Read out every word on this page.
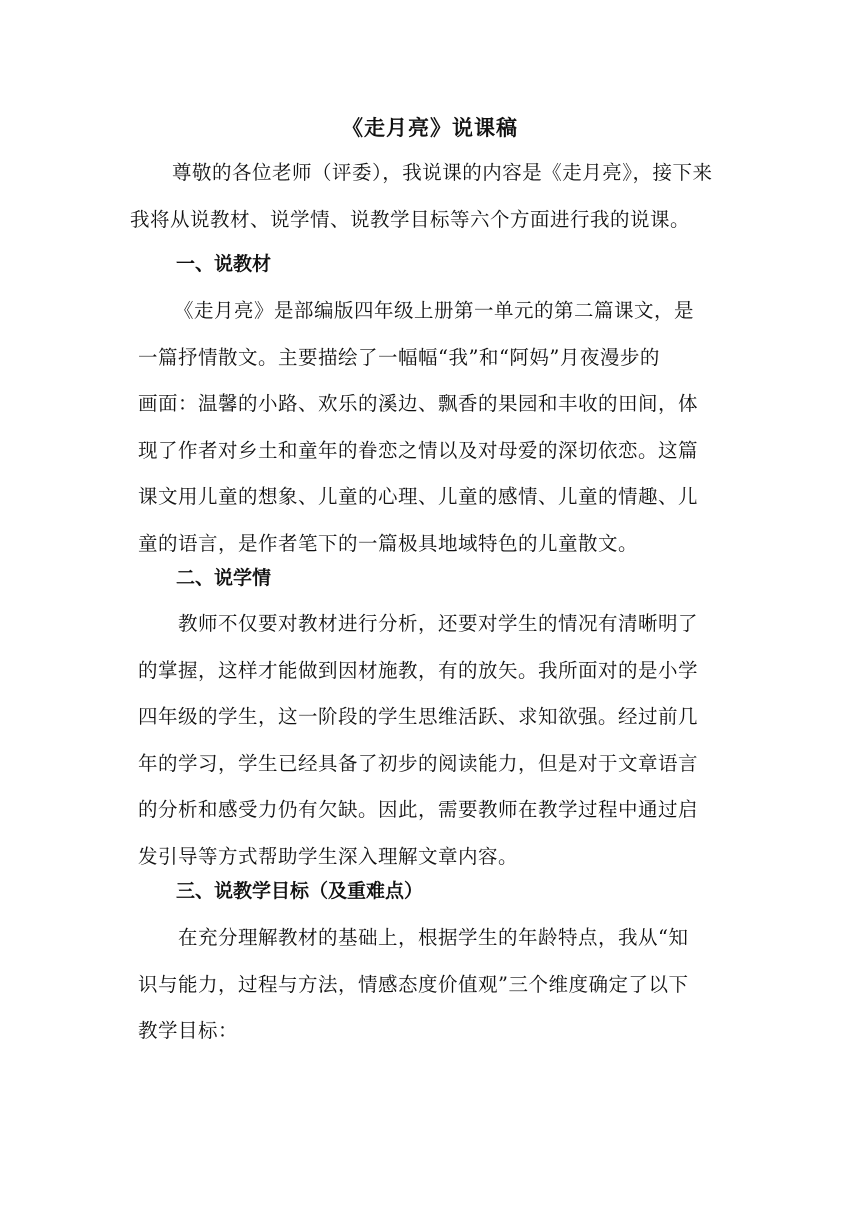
《走月亮》说课稿
尊敬的各位老师（评委），我说课的内容是《走月亮》，接下来
我将从说教材、说学情、说教学目标等六个方面进行我的说课。
一、说教材
《走月亮》是部编版四年级上册第一单元的第二篇课文，是
一篇抒情散文。主要描绘了一幅幅“我”和“阿妈”月夜漫步的
画面：温馨的小路、欢乐的溪边、飘香的果园和丰收的田间，体
现了作者对乡土和童年的眷恋之情以及对母爱的深切依恋。这篇
课文用儿童的想象、儿童的心理、儿童的感情、儿童的情趣、儿
童的语言，是作者笔下的一篇极具地域特色的儿童散文。
二、说学情
教师不仅要对教材进行分析，还要对学生的情况有清晰明了
的掌握，这样才能做到因材施教，有的放矢。我所面对的是小学
四年级的学生，这一阶段的学生思维活跃、求知欲强。经过前几
年的学习，学生已经具备了初步的阅读能力，但是对于文章语言
的分析和感受力仍有欠缺。因此，需要教师在教学过程中通过启
发引导等方式帮助学生深入理解文章内容。
三、说教学目标（及重难点）
在充分理解教材的基础上，根据学生的年龄特点，我从“知
识与能力，过程与方法，情感态度价值观”三个维度确定了以下
教学目标：
